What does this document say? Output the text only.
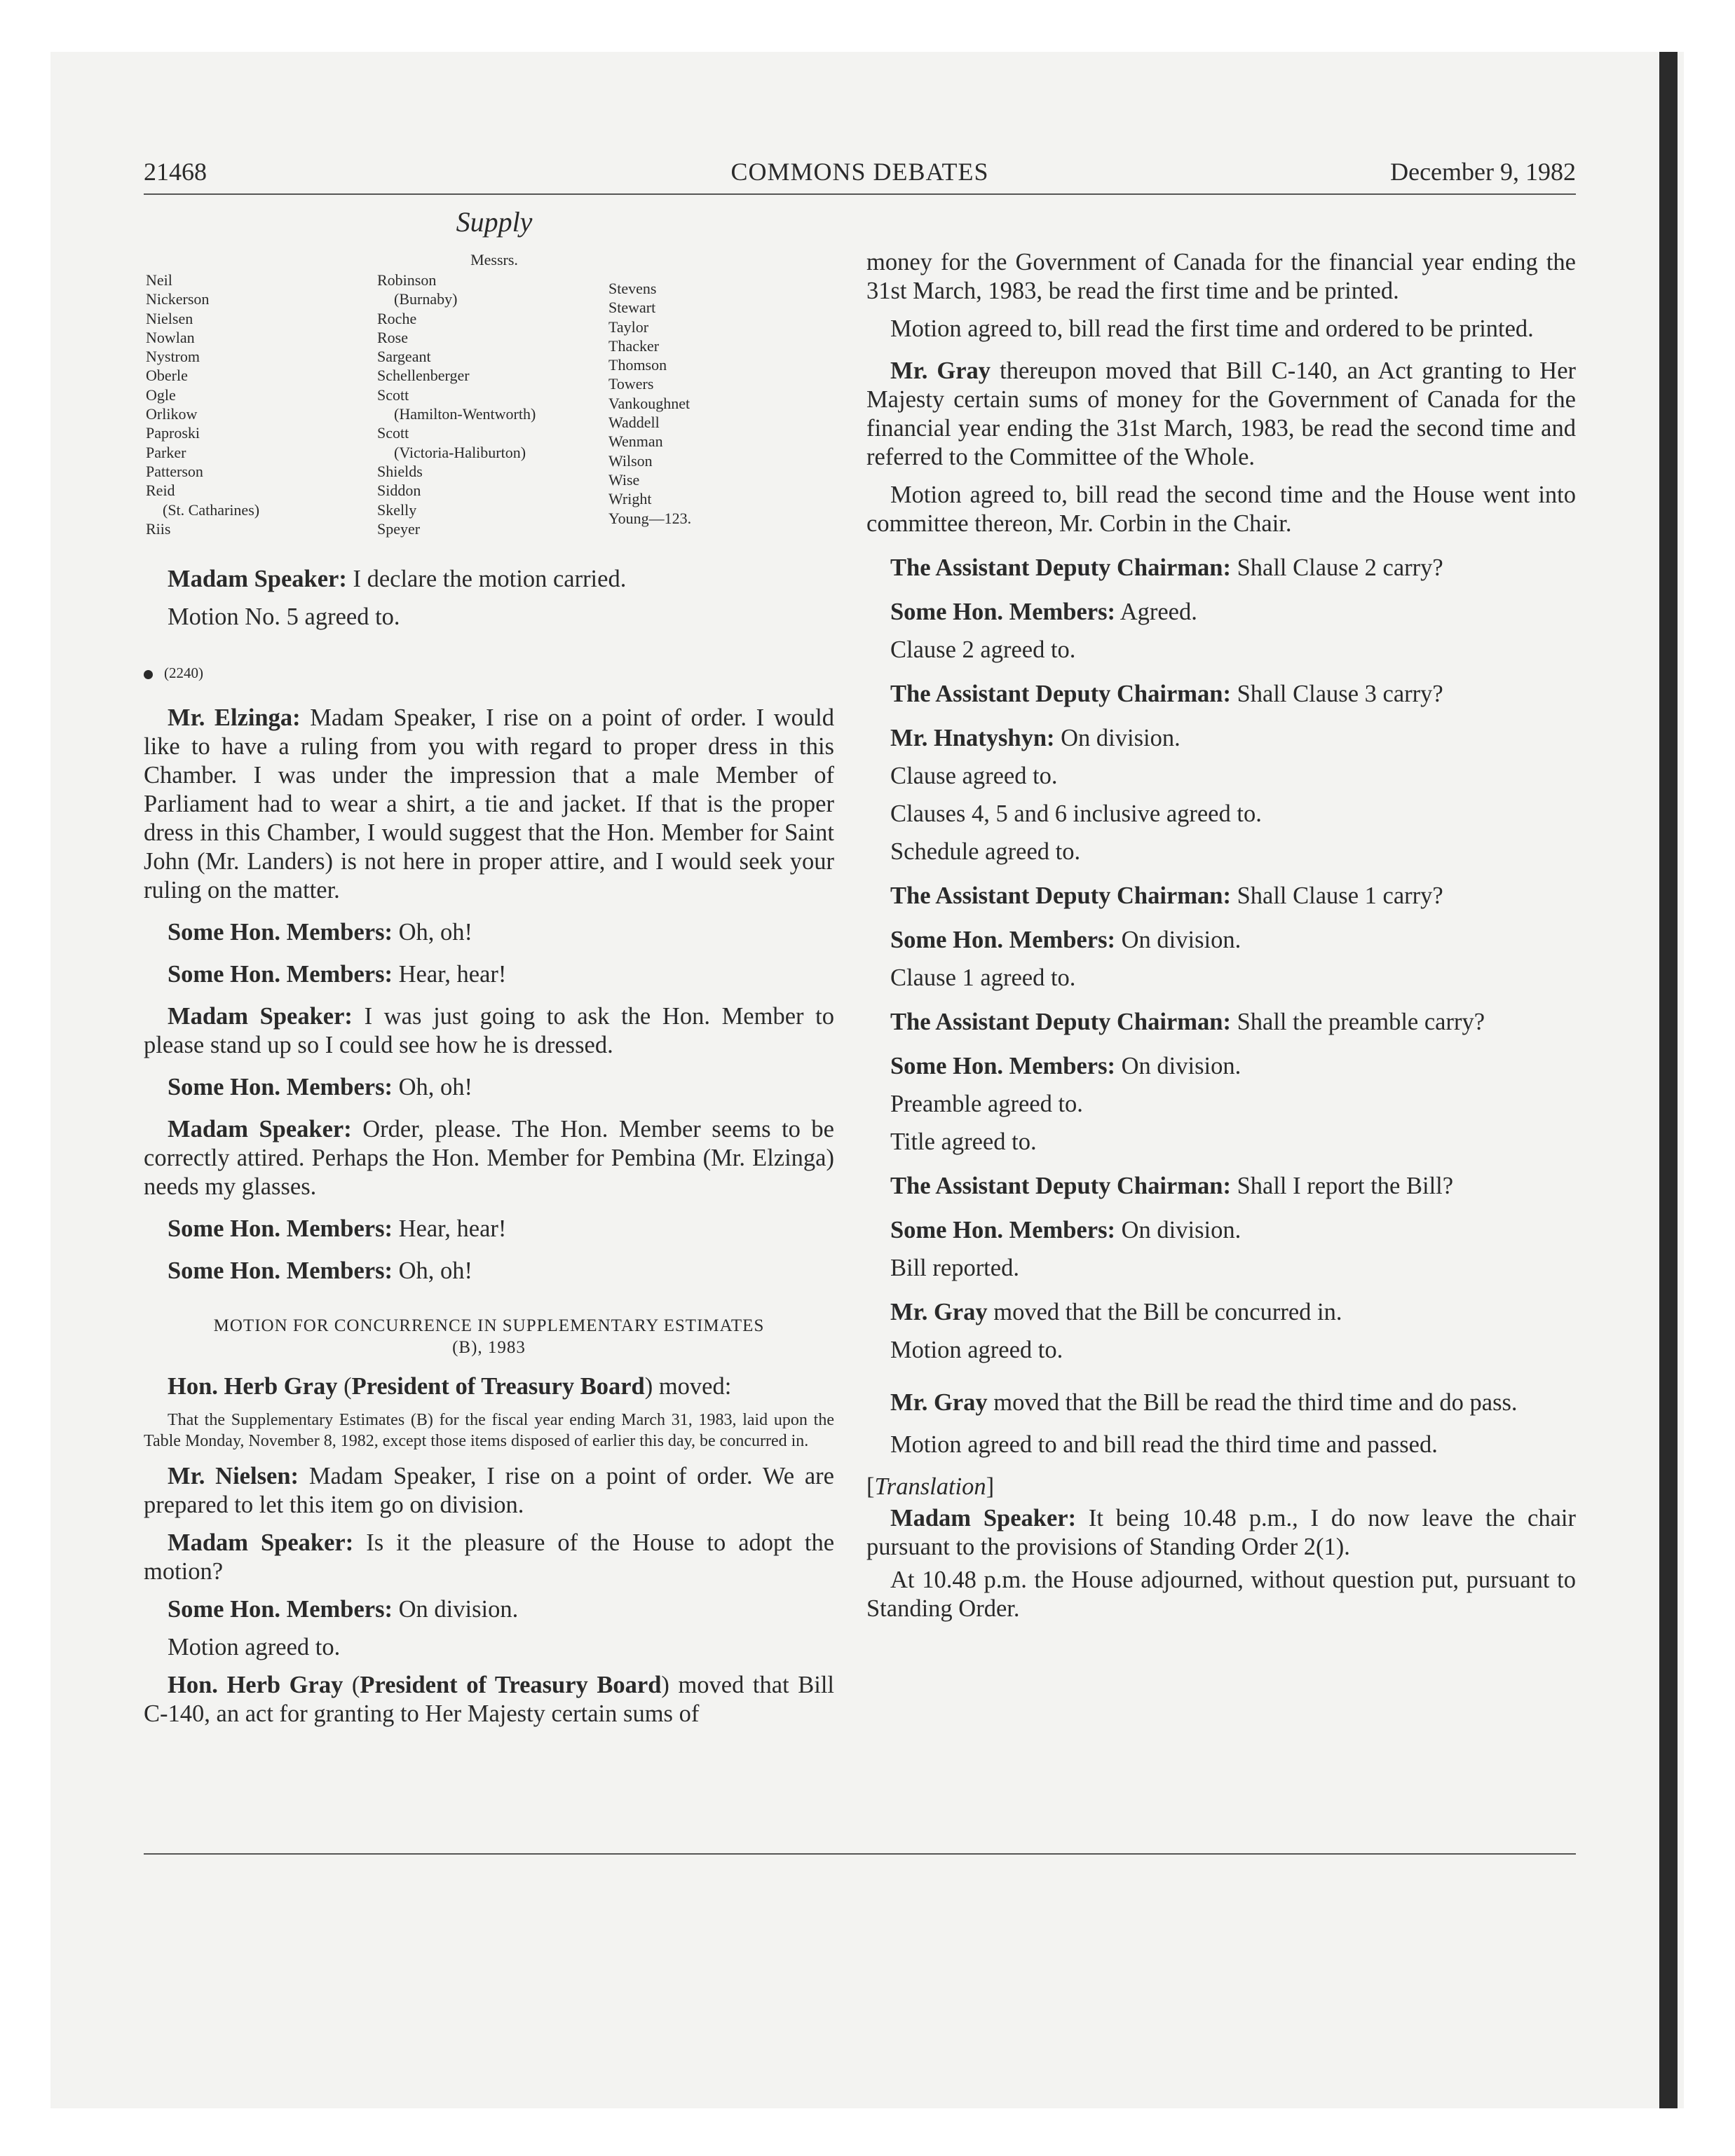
21468	COMMONS DEBATES	December 9, 1982
Supply
Messrs.
Neil
Nickerson
Nielsen
Nowlan
Nystrom
Oberle
Ogle
Orlikow
Paproski
Parker
Patterson
Reid
(St. Catharines)
Riis
Robinson
(Burnaby)
Roche
Rose
Sargeant
Schellenberger
Scott
(Hamilton-Wentworth)
Scott
(Victoria-Haliburton)
Shields
Siddon
Skelly
Speyer
Stevens
Stewart
Taylor
Thacker
Thomson
Towers
Vankoughnet
Waddell
Wenman
Wilson
Wise
Wright
Young—123.

Madam Speaker: I declare the motion carried.

Motion No. 5 agreed to.

(2240)

Mr. Elzinga: Madam Speaker, I rise on a point of order. I would like to have a ruling from you with regard to proper dress in this Chamber. I was under the impression that a male Member of Parliament had to wear a shirt, a tie and jacket. If that is the proper dress in this Chamber, I would suggest that the Hon. Member for Saint John (Mr. Landers) is not here in proper attire, and I would seek your ruling on the matter.

Some Hon. Members: Oh, oh!

Some Hon. Members: Hear, hear!

Madam Speaker: I was just going to ask the Hon. Member to please stand up so I could see how he is dressed.

Some Hon. Members: Oh, oh!

Madam Speaker: Order, please. The Hon. Member seems to be correctly attired. Perhaps the Hon. Member for Pembina (Mr. Elzinga) needs my glasses.

Some Hon. Members: Hear, hear!

Some Hon. Members: Oh, oh!

MOTION FOR CONCURRENCE IN SUPPLEMENTARY ESTIMATES
(B), 1983

Hon. Herb Gray (President of Treasury Board) moved:

That the Supplementary Estimates (B) for the fiscal year ending March 31, 1983, laid upon the Table Monday, November 8, 1982, except those items disposed of earlier this day, be concurred in.

Mr. Nielsen: Madam Speaker, I rise on a point of order. We are prepared to let this item go on division.

Madam Speaker: Is it the pleasure of the House to adopt the motion?

Some Hon. Members: On division.

Motion agreed to.

Hon. Herb Gray (President of Treasury Board) moved that Bill C-140, an act for granting to Her Majesty certain sums of

money for the Government of Canada for the financial year ending the 31st March, 1983, be read the first time and be printed.

Motion agreed to, bill read the first time and ordered to be printed.

Mr. Gray thereupon moved that Bill C-140, an Act granting to Her Majesty certain sums of money for the Government of Canada for the financial year ending the 31st March, 1983, be read the second time and referred to the Committee of the Whole.

Motion agreed to, bill read the second time and the House went into committee thereon, Mr. Corbin in the Chair.

The Assistant Deputy Chairman: Shall Clause 2 carry?

Some Hon. Members: Agreed.

Clause 2 agreed to.

The Assistant Deputy Chairman: Shall Clause 3 carry?

Mr. Hnatyshyn: On division.

Clause agreed to.

Clauses 4, 5 and 6 inclusive agreed to.

Schedule agreed to.

The Assistant Deputy Chairman: Shall Clause 1 carry?

Some Hon. Members: On division.

Clause 1 agreed to.

The Assistant Deputy Chairman: Shall the preamble carry?

Some Hon. Members: On division.

Preamble agreed to.

Title agreed to.

The Assistant Deputy Chairman: Shall I report the Bill?

Some Hon. Members: On division.

Bill reported.

Mr. Gray moved that the Bill be concurred in.

Motion agreed to.

Mr. Gray moved that the Bill be read the third time and do pass.

Motion agreed to and bill read the third time and passed.

[Translation]

Madam Speaker: It being 10.48 p.m., I do now leave the chair pursuant to the provisions of Standing Order 2(1).

At 10.48 p.m. the House adjourned, without question put, pursuant to Standing Order.
